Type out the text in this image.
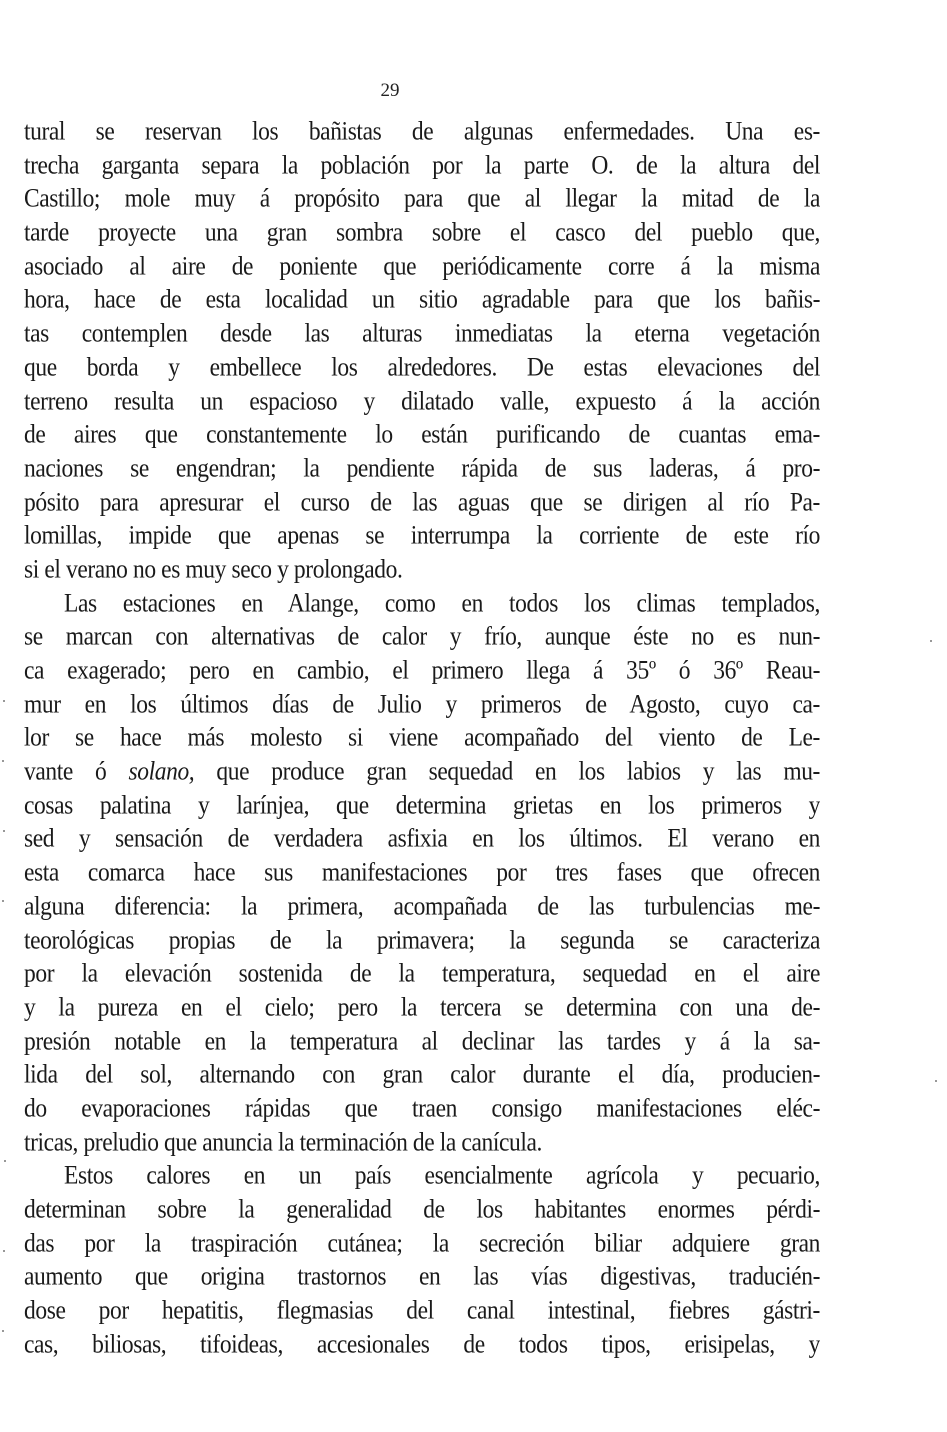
29
tural se reservan los bañistas de algunas enfermedades. Una es-
trecha garganta separa la población por la parte O. de la altura del
Castillo; mole muy á propósito para que al llegar la mitad de la
tarde proyecte una gran sombra sobre el casco del pueblo que,
asociado al aire de poniente que periódicamente corre á la misma
hora, hace de esta localidad un sitio agradable para que los bañis-
tas contemplen desde las alturas inmediatas la eterna vegetación
que borda y embellece los alrededores. De estas elevaciones del
terreno resulta un espacioso y dilatado valle, expuesto á la acción
de aires que constantemente lo están purificando de cuantas ema-
naciones se engendran; la pendiente rápida de sus laderas, á pro-
pósito para apresurar el curso de las aguas que se dirigen al río Pa-
lomillas, impide que apenas se interrumpa la corriente de este río
si el verano no es muy seco y prolongado.
Las estaciones en Alange, como en todos los climas templados,
se marcan con alternativas de calor y frío, aunque éste no es nun-
ca exagerado; pero en cambio, el primero llega á 35º ó 36º Reau-
mur en los últimos días de Julio y primeros de Agosto, cuyo ca-
lor se hace más molesto si viene acompañado del viento de Le-
vante ó solano, que produce gran sequedad en los labios y las mu-
cosas palatina y larínjea, que determina grietas en los primeros y
sed y sensación de verdadera asfixia en los últimos. El verano en
esta comarca hace sus manifestaciones por tres fases que ofrecen
alguna diferencia: la primera, acompañada de las turbulencias me-
teorológicas propias de la primavera; la segunda se caracteriza
por la elevación sostenida de la temperatura, sequedad en el aire
y la pureza en el cielo; pero la tercera se determina con una de-
presión notable en la temperatura al declinar las tardes y á la sa-
lida del sol, alternando con gran calor durante el día, producien-
do evaporaciones rápidas que traen consigo manifestaciones eléc-
tricas, preludio que anuncia la terminación de la canícula.
Estos calores en un país esencialmente agrícola y pecuario,
determinan sobre la generalidad de los habitantes enormes pérdi-
das por la traspiración cutánea; la secreción biliar adquiere gran
aumento que origina trastornos en las vías digestivas, traducién-
dose por hepatitis, flegmasias del canal intestinal, fiebres gástri-
cas, biliosas, tifoideas, accesionales de todos tipos, erisipelas, y
